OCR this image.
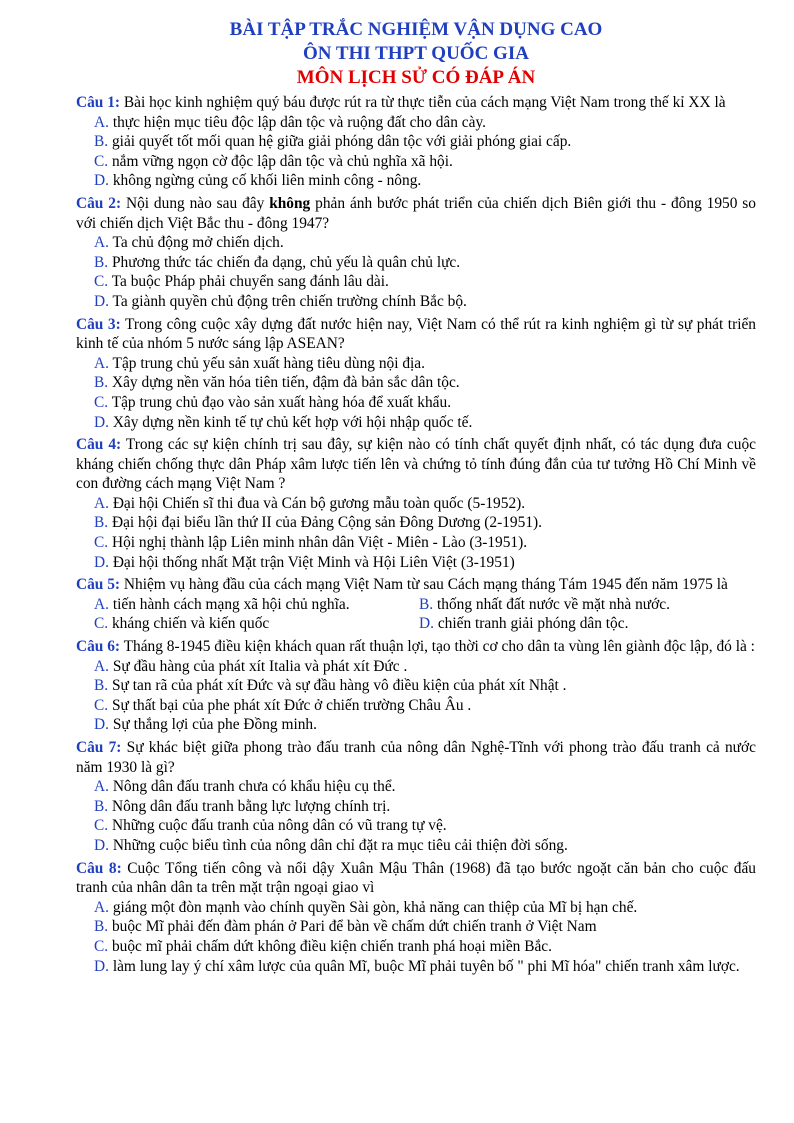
BÀI TẬP TRẮC NGHIỆM VẬN DỤNG CAO
ÔN THI THPT QUỐC GIA
MÔN LỊCH SỬ CÓ ĐÁP ÁN
Câu 1: Bài học kinh nghiệm quý báu được rút ra từ thực tiễn của cách mạng Việt Nam trong thế kỉ XX là
A. thực hiện mục tiêu độc lập dân tộc và ruộng đất cho dân cày.
B. giải quyết tốt mối quan hệ giữa giải phóng dân tộc với giải phóng giai cấp.
C. nắm vững ngọn cờ độc lập dân tộc và chủ nghĩa xã hội.
D. không ngừng củng cố khối liên minh công - nông.
Câu 2: Nội dung nào sau đây không phản ánh bước phát triển của chiến dịch Biên giới thu - đông 1950 so với chiến dịch Việt Bắc thu - đông 1947?
A. Ta chủ động mở chiến dịch.
B. Phương thức tác chiến đa dạng, chủ yếu là quân chủ lực.
C. Ta buộc Pháp phải chuyển sang đánh lâu dài.
D. Ta giành quyền chủ động trên chiến trường chính Bắc bộ.
Câu 3: Trong công cuộc xây dựng đất nước hiện nay, Việt Nam có thể rút ra kinh nghiệm gì từ sự phát triển kinh tế của nhóm 5 nước sáng lập ASEAN?
A. Tập trung chủ yếu sản xuất hàng tiêu dùng nội địa.
B. Xây dựng nền văn hóa tiên tiến, đậm đà bản sắc dân tộc.
C. Tập trung chủ đạo vào sản xuất hàng hóa để xuất khẩu.
D. Xây dựng nền kinh tế tự chủ kết hợp với hội nhập quốc tế.
Câu 4: Trong các sự kiện chính trị sau đây, sự kiện nào có tính chất quyết định nhất, có tác dụng đưa cuộc kháng chiến chống thực dân Pháp xâm lược tiến lên và chứng tỏ tính đúng đắn của tư tưởng Hồ Chí Minh về con đường cách mạng Việt Nam ?
A. Đại hội Chiến sĩ thi đua và Cán bộ gương mẫu toàn quốc (5-1952).
B. Đại hội đại biểu lần thứ II của Đảng Cộng sản Đông Dương (2-1951).
C. Hội nghị thành lập Liên minh nhân dân Việt - Miên - Lào (3-1951).
D. Đại hội thống nhất Mặt trận Việt Minh và Hội Liên Việt (3-1951)
Câu 5: Nhiệm vụ hàng đầu của cách mạng Việt Nam từ sau Cách mạng tháng Tám 1945 đến năm 1975 là
A. tiến hành cách mạng xã hội chủ nghĩa.	B. thống nhất đất nước về mặt nhà nước.
C. kháng chiến và kiến quốc	D. chiến tranh giải phóng dân tộc.
Câu 6: Tháng 8-1945 điều kiện khách quan rất thuận lợi, tạo thời cơ cho dân ta vùng lên giành độc lập, đó là :
A. Sự đầu hàng của phát xít Italia và phát xít Đức .
B. Sự tan rã của phát xít Đức và sự đầu hàng vô điều kiện của phát xít Nhật .
C. Sự thất bại của phe phát xít Đức ở chiến trường Châu Âu .
D. Sự thắng lợi của phe Đồng minh.
Câu 7: Sự khác biệt giữa phong trào đấu tranh của nông dân Nghệ-Tĩnh với phong trào đấu tranh cả nước năm 1930 là gì?
A. Nông dân đấu tranh chưa có khẩu hiệu cụ thể.
B. Nông dân đấu tranh bằng lực lượng chính trị.
C. Những cuộc đấu tranh của nông dân có vũ trang tự vệ.
D. Những cuộc biểu tình của nông dân chỉ đặt ra mục tiêu cải thiện đời sống.
Câu 8: Cuộc Tổng tiến công và nổi dậy Xuân Mậu Thân (1968) đã tạo bước ngoặt căn bản cho cuộc đấu tranh của nhân dân ta trên mặt trận ngoại giao vì
A. giáng một đòn mạnh vào chính quyền Sài gòn, khả năng can thiệp của Mĩ bị hạn chế.
B. buộc Mĩ phải đến đàm phán ở Pari để bàn về chấm dứt chiến tranh ở Việt Nam
C. buộc mĩ phải chấm dứt không điều kiện chiến tranh phá hoại miền Bắc.
D. làm lung lay ý chí xâm lược của quân Mĩ, buộc Mĩ phải tuyên bố " phi Mĩ hóa" chiến tranh xâm lược.
